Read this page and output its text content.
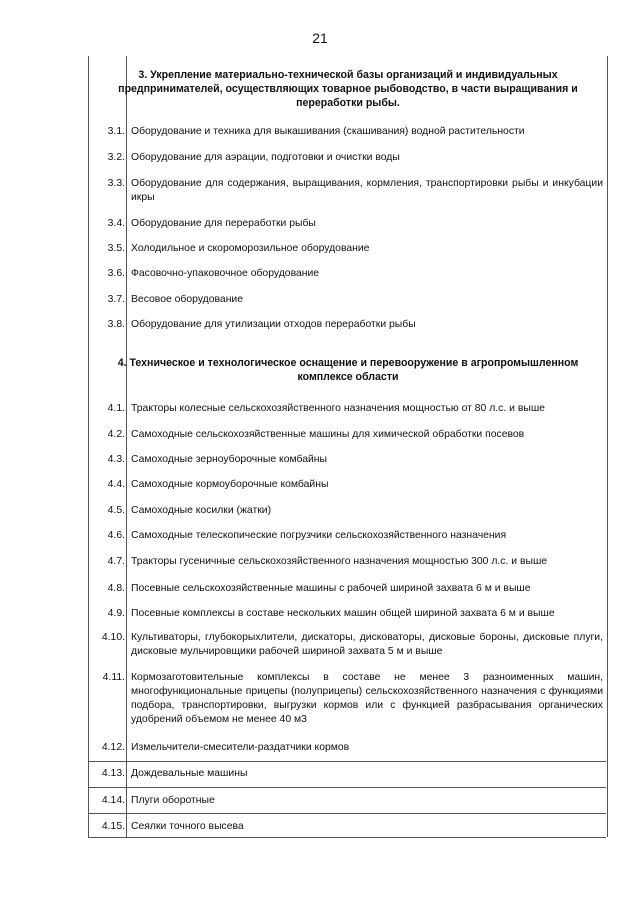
21
3. Укрепление материально-технической базы организаций и индивидуальных
предпринимателей, осуществляющих товарное рыбоводство, в части выращивания и
переработки рыбы.
3.1. Оборудование и техника для выкашивания (скашивания) водной растительности
3.2. Оборудование для аэрации, подготовки и очистки воды
3.3. Оборудование для содержания, выращивания, кормления, транспортировки рыбы и инкубации икры
3.4. Оборудование для переработки рыбы
3.5. Холодильное и скороморозильное оборудование
3.6. Фасовочно-упаковочное оборудование
3.7. Весовое оборудование
3.8. Оборудование для утилизации отходов переработки рыбы
4. Техническое и технологическое оснащение и перевооружение в агропромышленном
комплексе области
4.1. Тракторы колесные сельскохозяйственного назначения мощностью от 80 л.с. и выше
4.2. Самоходные сельскохозяйственные машины для химической обработки посевов
4.3. Самоходные зерноуборочные комбайны
4.4. Самоходные кормоуборочные комбайны
4.5. Самоходные косилки (жатки)
4.6. Самоходные телескопические погрузчики сельскохозяйственного назначения
4.7. Тракторы гусеничные сельскохозяйственного назначения мощностью 300 л.с. и выше
4.8. Посевные сельскохозяйственные машины с рабочей шириной захвата 6 м и выше
4.9. Посевные комплексы в составе нескольких машин общей шириной захвата 6 м и выше
4.10. Культиваторы, глубокорыхлители, дискаторы, дисковаторы, дисковые бороны, дисковые плуги, дисковые мульчировщики рабочей шириной захвата 5 м и выше
4.11. Кормозаготовительные комплексы в составе не менее 3 разноименных машин, многофункциональные прицепы (полуприцепы) сельскохозяйственного назначения с функциями подбора, транспортировки, выгрузки кормов или с функцией разбрасывания органических удобрений объемом не менее 40 м3
4.12. Измельчители-смесители-раздатчики кормов
4.13. Дождевальные машины
4.14. Плуги оборотные
4.15. Сеялки точного высева
